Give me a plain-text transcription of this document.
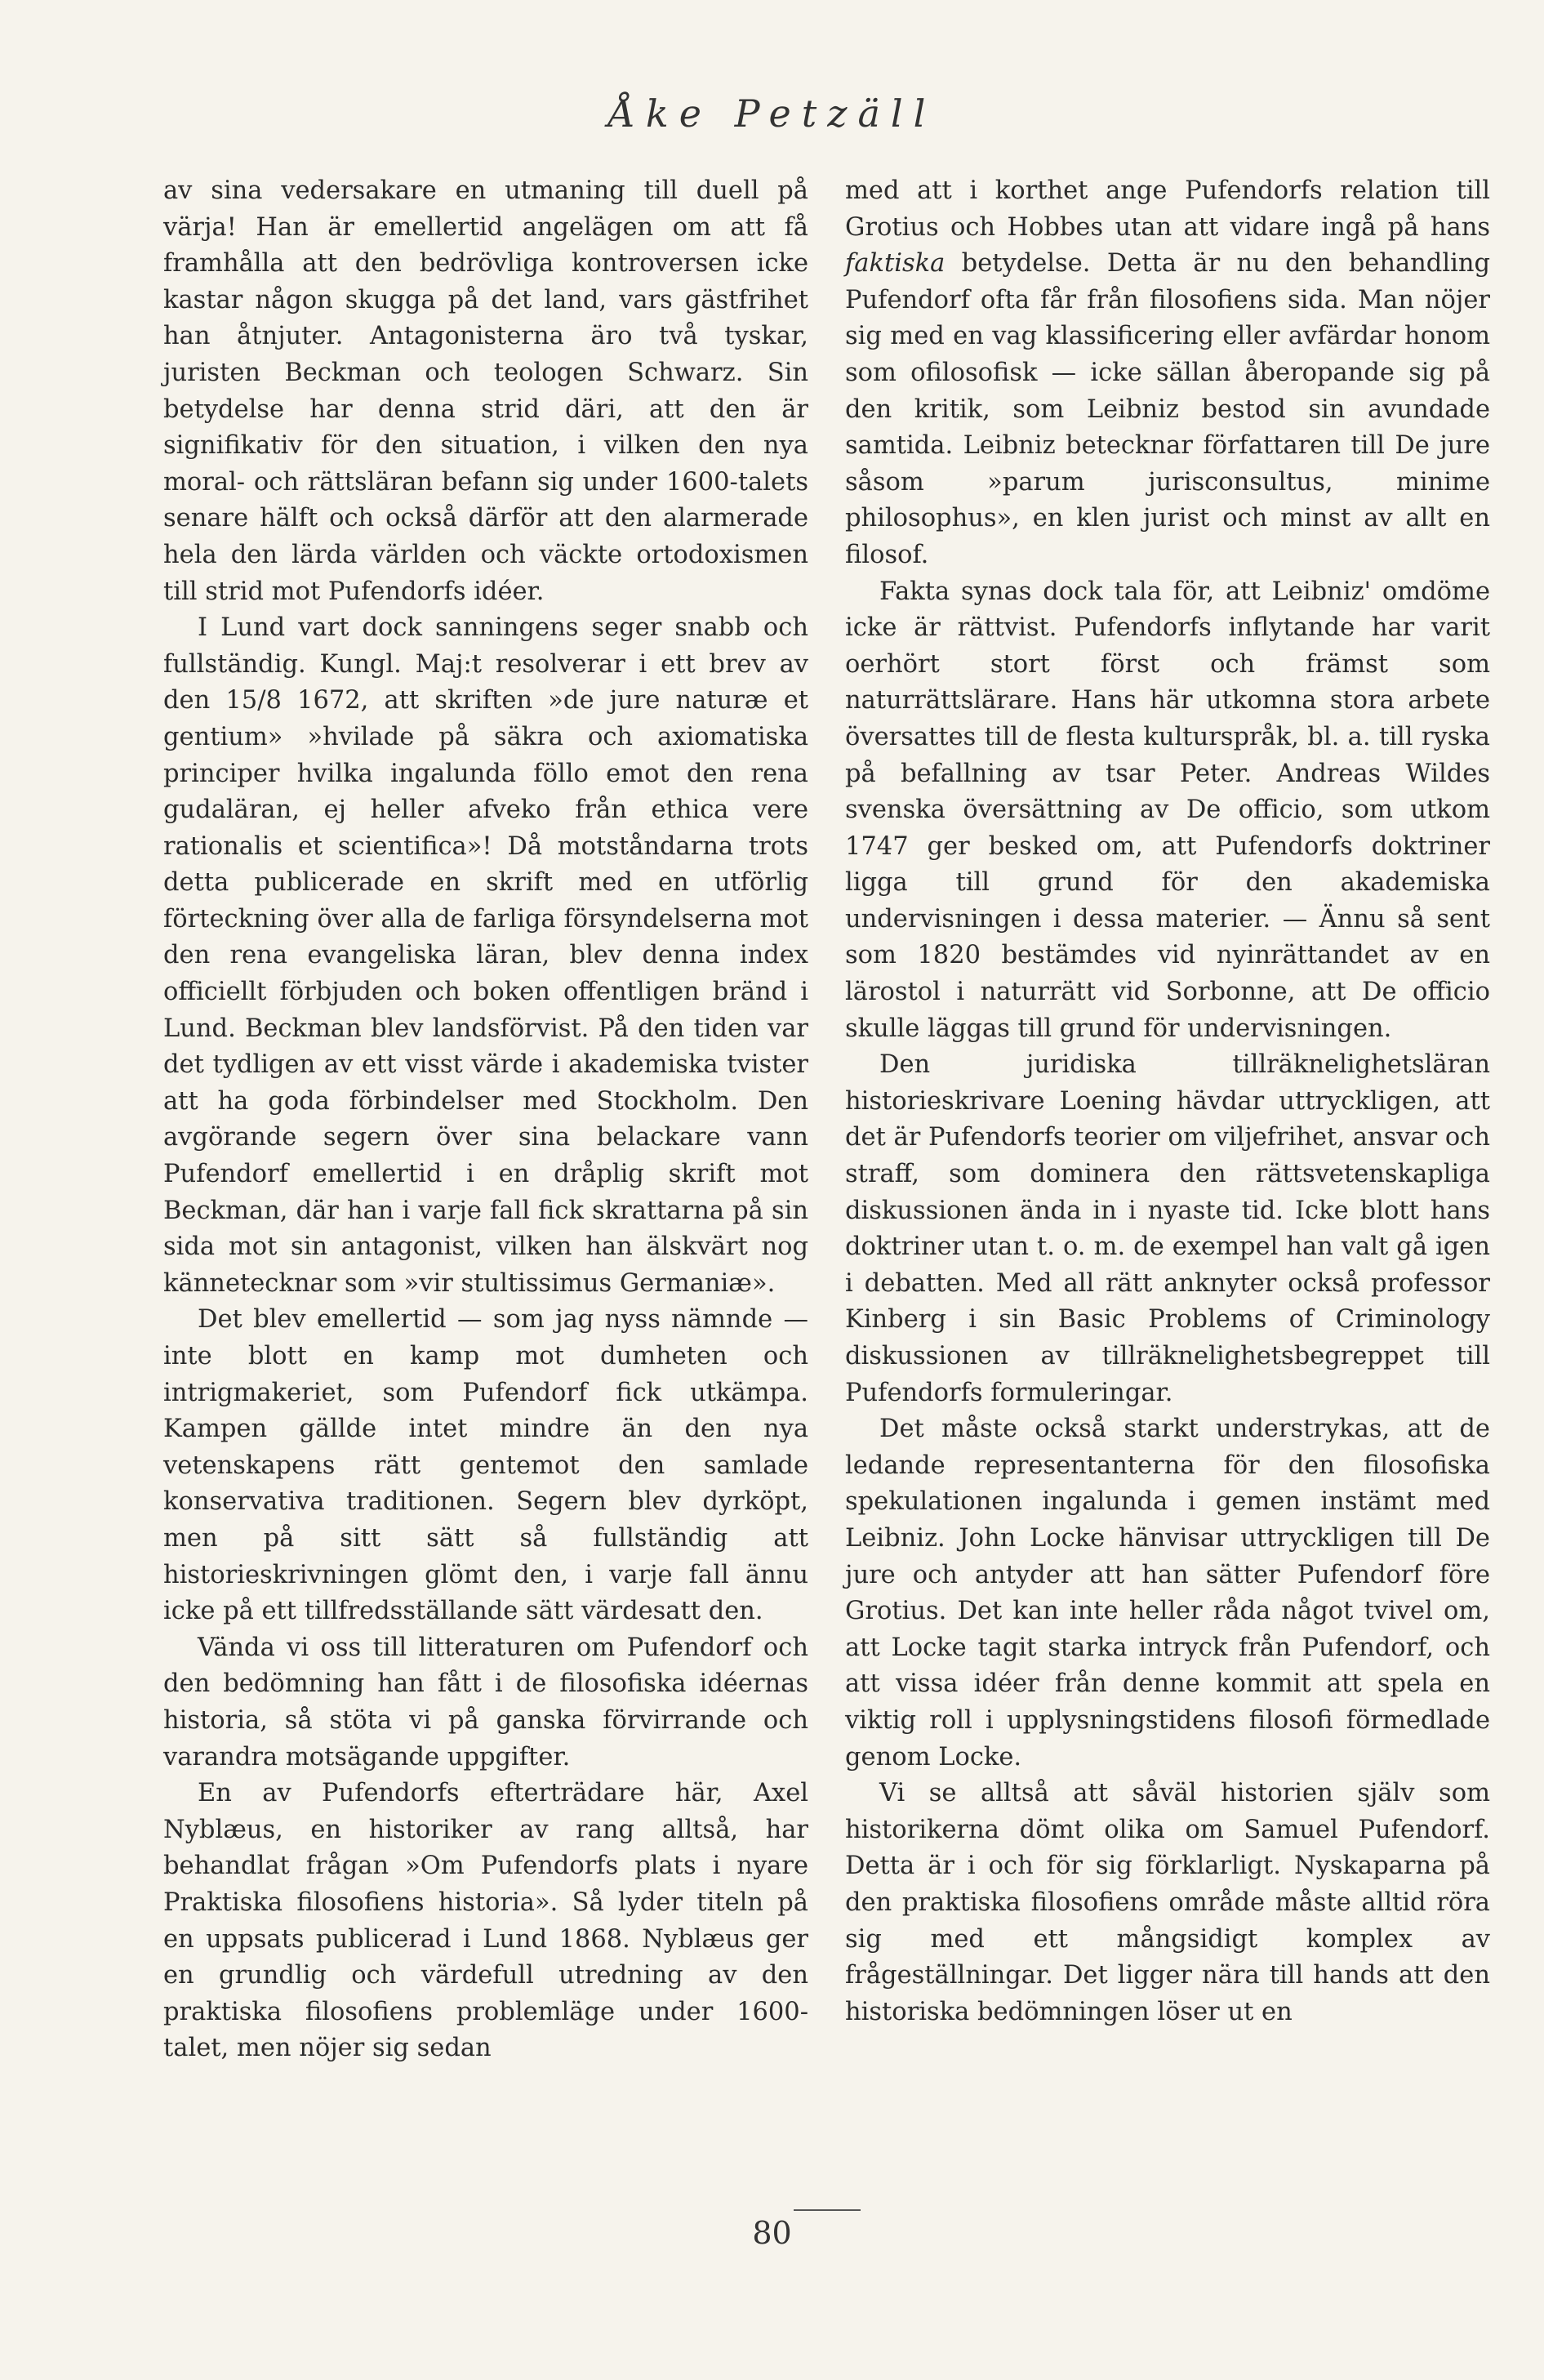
Åke Petzäll

av sina vedersakare en utmaning till duell på värja! Han är emellertid angelägen om att få framhålla att den bedrövliga kontroversen icke kastar någon skugga på det land, vars gästfrihet han åtnjuter. Antagonisterna äro två tyskar, juristen Beckman och teologen Schwarz. Sin betydelse har denna strid däri, att den är signifikativ för den situation, i vilken den nya moral- och rättsläran befann sig under 1600-talets senare hälft och också därför att den alarmerade hela den lärda världen och väckte ortodoxismen till strid mot Pufendorfs idéer.

I Lund vart dock sanningens seger snabb och fullständig. Kungl. Maj:t resolverar i ett brev av den 15/8 1672, att skriften »de jure naturæ et gentium» »hvilade på säkra och axiomatiska principer hvilka ingalunda föllo emot den rena gudaläran, ej heller afveko från ethica vere rationalis et scientifica»! Då motståndarna trots detta publicerade en skrift med en utförlig förteckning över alla de farliga försyndelserna mot den rena evangeliska läran, blev denna index officiellt förbjuden och boken offentligen bränd i Lund. Beckman blev landsförvist. På den tiden var det tydligen av ett visst värde i akademiska tvister att ha goda förbindelser med Stockholm. Den avgörande segern över sina belackare vann Pufendorf emellertid i en dråplig skrift mot Beckman, där han i varje fall fick skrattarna på sin sida mot sin antagonist, vilken han älskvärt nog kännetecknar som »vir stultissimus Germaniæ».

Det blev emellertid — som jag nyss nämnde — inte blott en kamp mot dumheten och intrigmakeriet, som Pufendorf fick utkämpa. Kampen gällde intet mindre än den nya vetenskapens rätt gentemot den samlade konservativa traditionen. Segern blev dyrköpt, men på sitt sätt så fullständig att historieskrivningen glömt den, i varje fall ännu icke på ett tillfredsställande sätt värdesatt den.

Vända vi oss till litteraturen om Pufendorf och den bedömning han fått i de filosofiska idéernas historia, så stöta vi på ganska förvirrande och varandra motsägande uppgifter.

En av Pufendorfs efterträdare här, Axel Nyblæus, en historiker av rang alltså, har behandlat frågan »Om Pufendorfs plats i nyare Praktiska filosofiens historia». Så lyder titeln på en uppsats publicerad i Lund 1868. Nyblæus ger en grundlig och värdefull utredning av den praktiska filosofiens problemläge under 1600-talet, men nöjer sig sedan

med att i korthet ange Pufendorfs relation till Grotius och Hobbes utan att vidare ingå på hans faktiska betydelse. Detta är nu den behandling Pufendorf ofta får från filosofiens sida. Man nöjer sig med en vag klassificering eller avfärdar honom som ofilosofisk — icke sällan åberopande sig på den kritik, som Leibniz bestod sin avundade samtida. Leibniz betecknar författaren till De jure såsom »parum jurisconsultus, minime philosophus», en klen jurist och minst av allt en filosof.

Fakta synas dock tala för, att Leibniz' omdöme icke är rättvist. Pufendorfs inflytande har varit oerhört stort först och främst som naturrättslärare. Hans här utkomna stora arbete översattes till de flesta kulturspråk, bl. a. till ryska på befallning av tsar Peter. Andreas Wildes svenska översättning av De officio, som utkom 1747 ger besked om, att Pufendorfs doktriner ligga till grund för den akademiska undervisningen i dessa materier. — Ännu så sent som 1820 bestämdes vid nyinrättandet av en lärostol i naturrätt vid Sorbonne, att De officio skulle läggas till grund för undervisningen.

Den juridiska tillräknelighetsläran historieskrivare Loening hävdar uttryckligen, att det är Pufendorfs teorier om viljefrihet, ansvar och straff, som dominera den rättsvetenskapliga diskussionen ända in i nyaste tid. Icke blott hans doktriner utan t. o. m. de exempel han valt gå igen i debatten. Med all rätt anknyter också professor Kinberg i sin Basic Problems of Criminology diskussionen av tillräknelighetsbegreppet till Pufendorfs formuleringar.

Det måste också starkt understrykas, att de ledande representanterna för den filosofiska spekulationen ingalunda i gemen instämt med Leibniz. John Locke hänvisar uttryckligen till De jure och antyder att han sätter Pufendorf före Grotius. Det kan inte heller råda något tvivel om, att Locke tagit starka intryck från Pufendorf, och att vissa idéer från denne kommit att spela en viktig roll i upplysningstidens filosofi förmedlade genom Locke.

Vi se alltså att såväl historien själv som historikerna dömt olika om Samuel Pufendorf. Detta är i och för sig förklarligt. Nyskaparna på den praktiska filosofiens område måste alltid röra sig med ett mångsidigt komplex av frågeställningar. Det ligger nära till hands att den historiska bedömningen löser ut en

80
